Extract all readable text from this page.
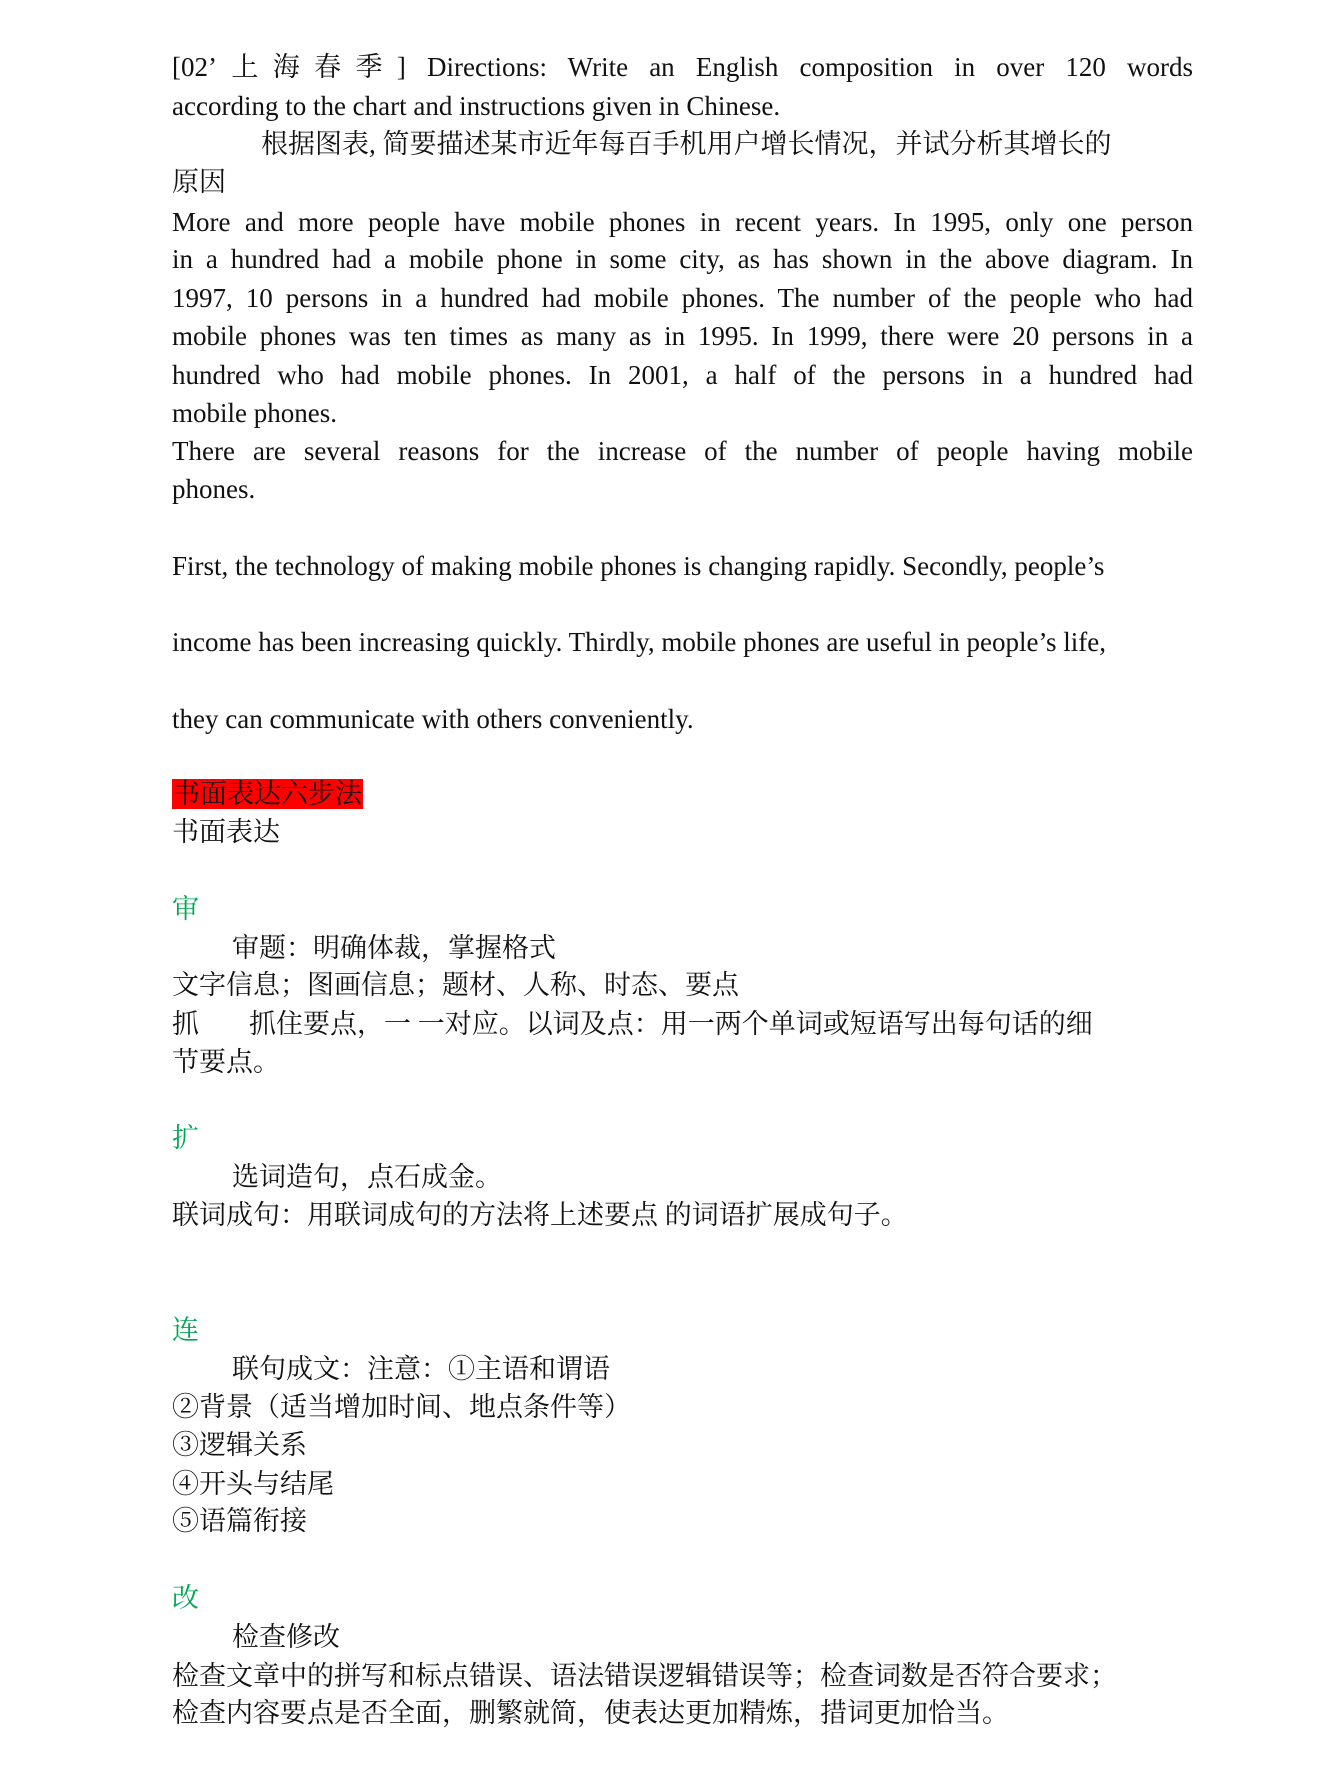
[02’上海春季] Directions: Write an English composition in over 120 words
according to the chart and instructions given in Chinese.
根据图表, 简要描述某市近年每百手机用户增长情况，并试分析其增长的
原因
More and more people have mobile phones in recent years. In 1995, only one person
in a hundred had a mobile phone in some city, as has shown in the above diagram. In
1997, 10 persons in a hundred had mobile phones. The number of the people who had
mobile phones was ten times as many as in 1995. In 1999, there were 20 persons in a
hundred who had mobile phones. In 2001, a half of the persons in a hundred had
mobile phones.
There are several reasons for the increase of the number of people having mobile
phones.
First, the technology of making mobile phones is changing rapidly. Secondly, people’s
income has been increasing quickly. Thirdly, mobile phones are useful in people’s life,
they can communicate with others conveniently.
书面表达六步法
书面表达
审
审题：明确体裁，掌握格式
文字信息；图画信息；题材、人称、时态、要点
抓 抓住要点，一 一对应。以词及点：用一两个单词或短语写出每句话的细
节要点。
扩
选词造句，点石成金。
联词成句：用联词成句的方法将上述要点 的词语扩展成句子。
连
联句成文：注意：①主语和谓语
②背景（适当增加时间、地点条件等）
③逻辑关系
④开头与结尾
⑤语篇衔接
改
检查修改
检查文章中的拼写和标点错误、语法错误逻辑错误等；检查词数是否符合要求；
检查内容要点是否全面，删繁就简，使表达更加精炼，措词更加恰当。
